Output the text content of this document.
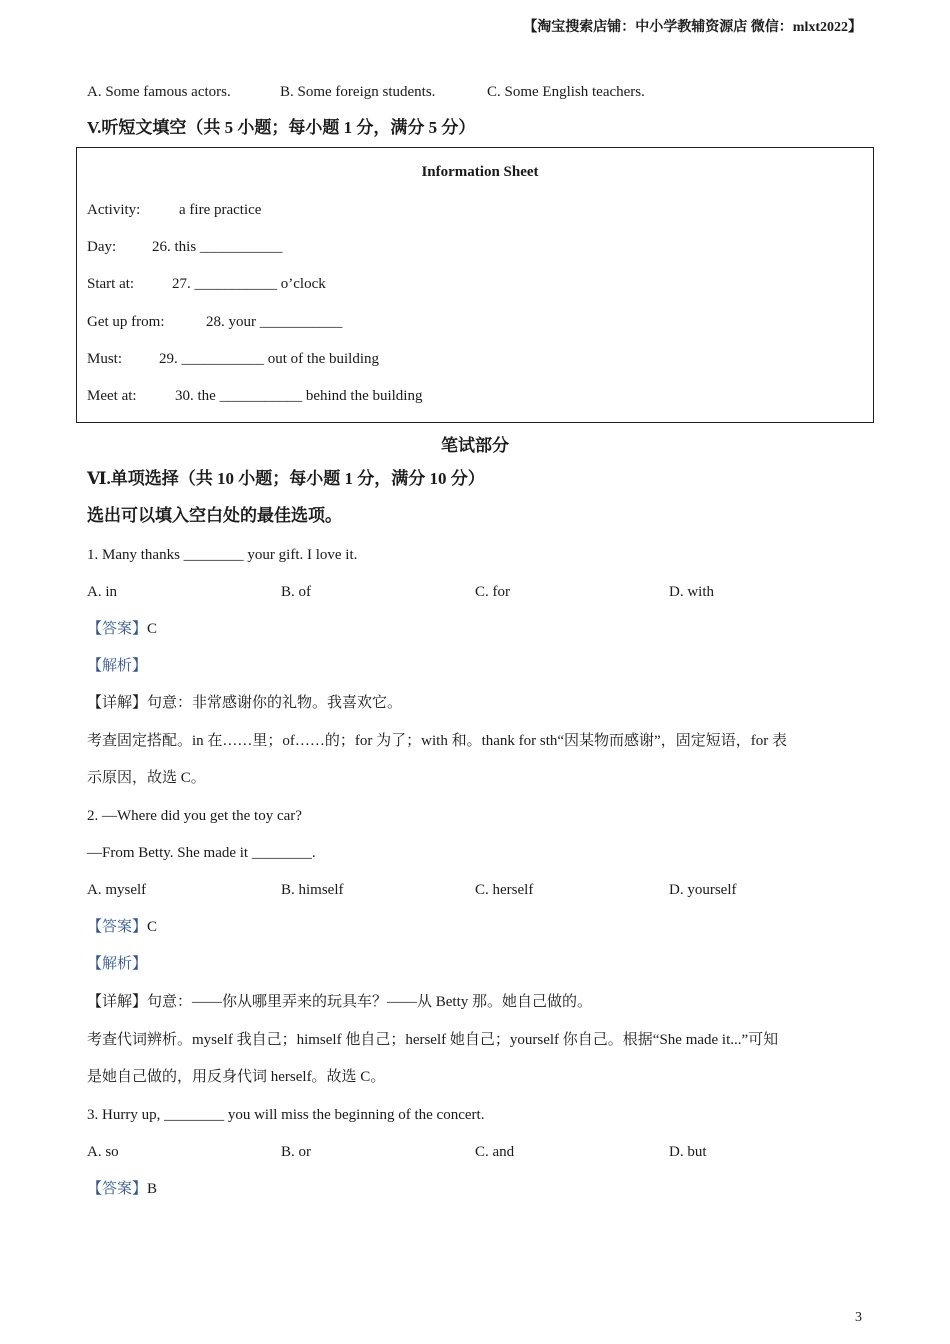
【淘宝搜索店铺：中小学教辅资源店 微信：mlxt2022】
A. Some famous actors.	B. Some foreign students.	C. Some English teachers.
V.听短文填空（共 5 小题；每小题 1 分，满分 5 分）
Information Sheet
Activity:	a fire practice
Day: 26. this ___________
Start at:	27. ___________ o’clock
Get up from:	28. your ___________
Must: 29. ___________ out of the building
Meet at:	30. the ___________ behind the building
笔试部分
Ⅵ.单项选择（共 10 小题；每小题 1 分，满分 10 分）
选出可以填入空白处的最佳选项。
1. Many thanks ________ your gift. I love it.
A. in	B. of	C. for	D. with
【答案】C
【解析】
【详解】句意：非常感谢你的礼物。我喜欢它。
考查固定搭配。in 在……里；of……的；for 为了；with 和。thank for sth“因某物而感谢”，固定短语，for 表
示原因，故选 C。
2. —Where did you get the toy car?
—From Betty. She made it ________.
A. myself	B. himself	C. herself	D. yourself
【答案】C
【解析】
【详解】句意：——你从哪里弄来的玩具车？——从 Betty 那。她自己做的。
考查代词辨析。myself 我自己；himself 他自己；herself 她自己；yourself 你自己。根据“She made it...”可知
是她自己做的，用反身代词 herself。故选 C。
3. Hurry up, ________ you will miss the beginning of the concert.
A. so	B. or	C. and	D. but
【答案】B
3
